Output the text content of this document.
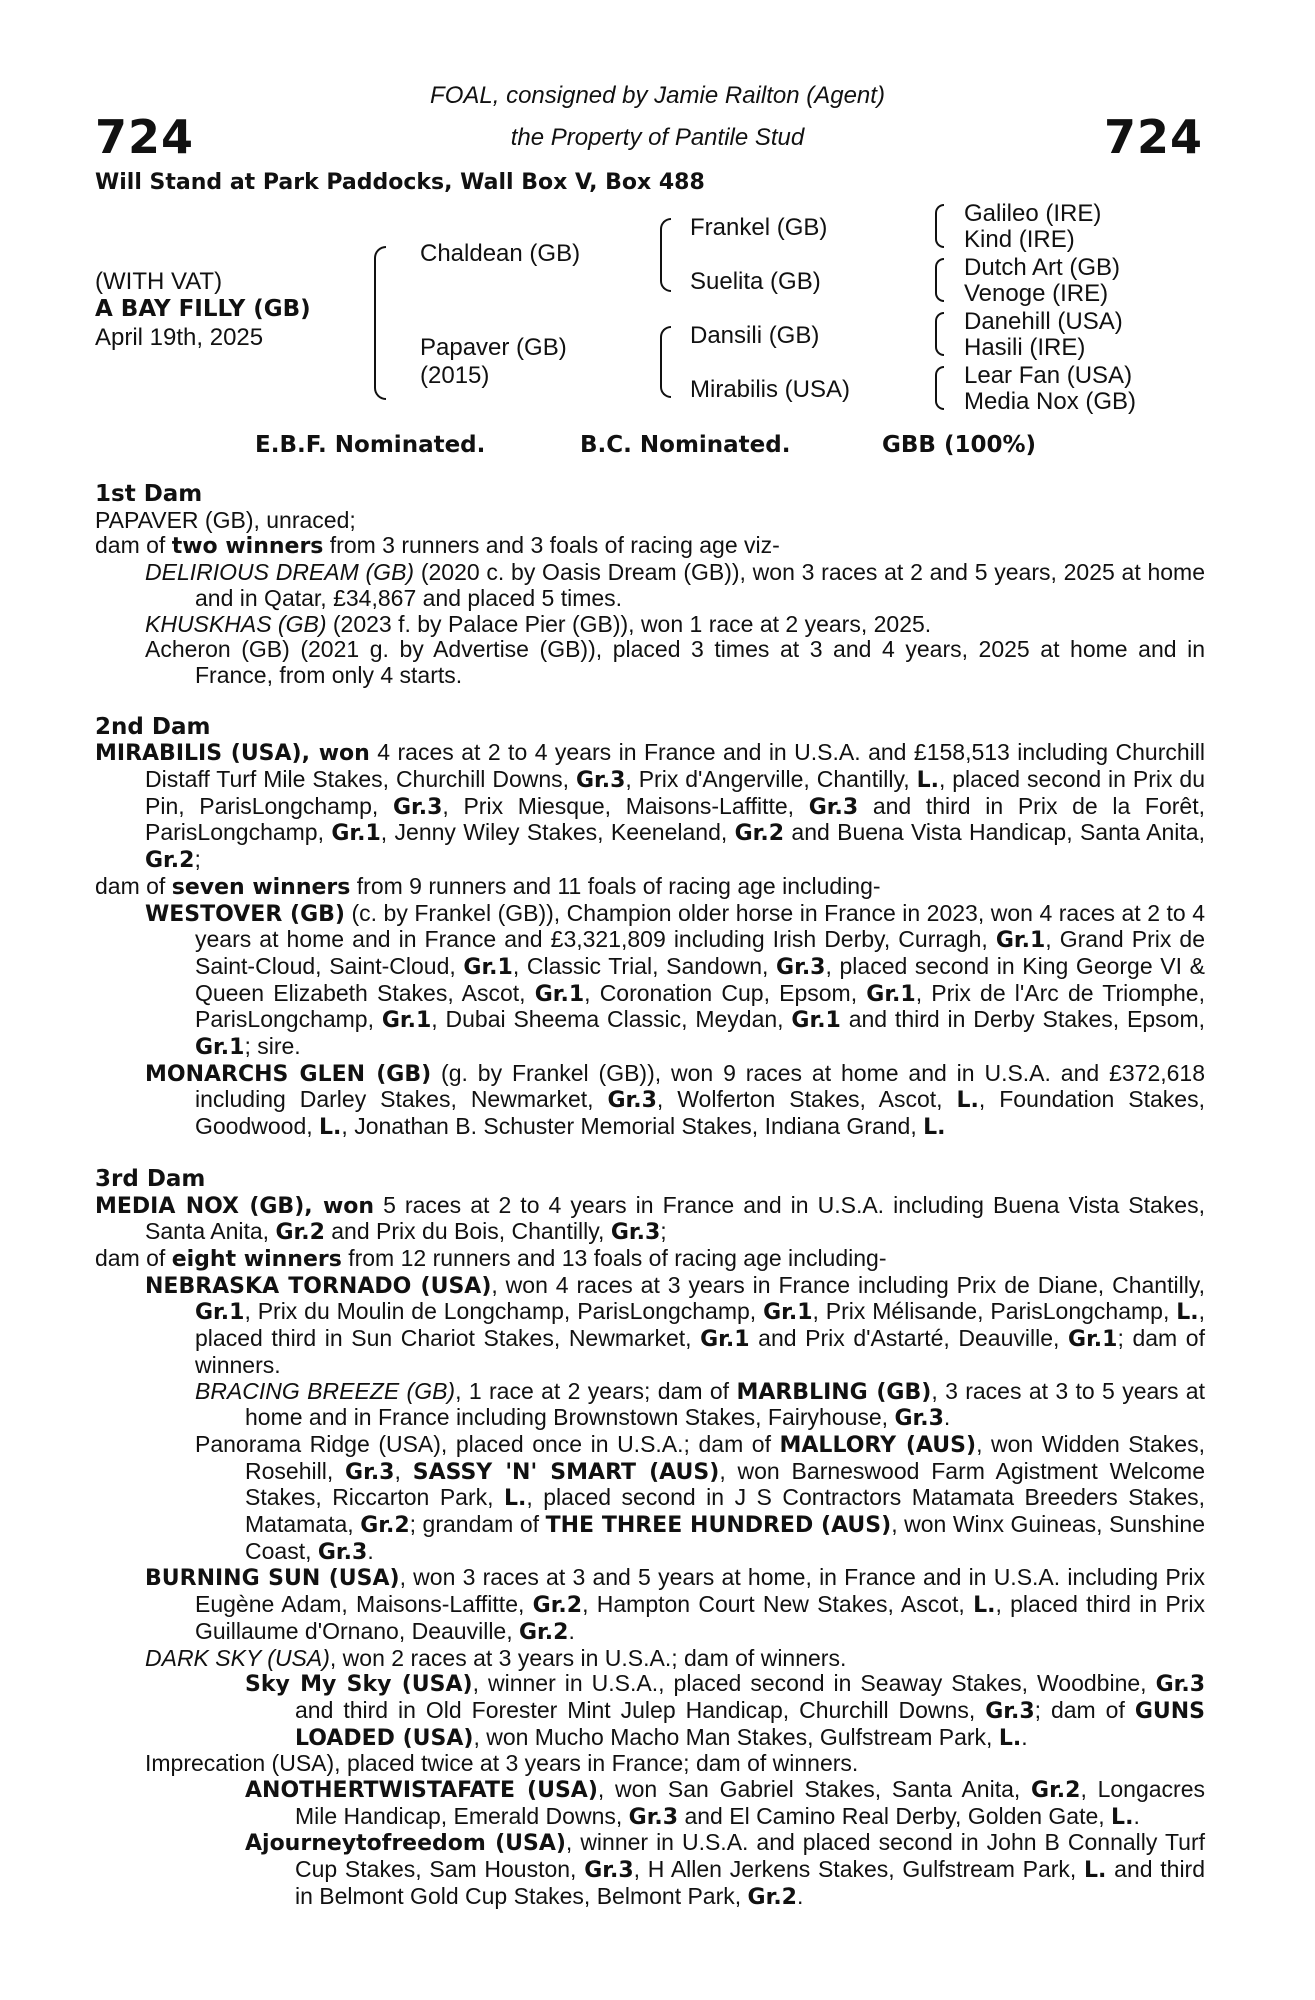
724	724
FOAL, consigned by Jamie Railton (Agent)
the Property of Pantile Stud
Will Stand at Park Paddocks, Wall Box V, Box 488
(WITH VAT)
A BAY FILLY (GB)
April 19th, 2025
Chaldean (GB)
Papaver (GB)
(2015)
Frankel (GB)
Suelita (GB)
Dansili (GB)
Mirabilis (USA)
Galileo (IRE)
Kind (IRE)
Dutch Art (GB)
Venoge (IRE)
Danehill (USA)
Hasili (IRE)
Lear Fan (USA)
Media Nox (GB)
E.B.F. Nominated.	B.C. Nominated.	GBB (100%)

1st Dam

PAPAVER (GB), unraced;

dam of two winners from 3 runners and 3 foals of racing age viz-

DELIRIOUS DREAM (GB) (2020 c. by Oasis Dream (GB)), won 3 races at 2 and 5 years, 2025 at home and in Qatar, £34,867 and placed 5 times.

KHUSKHAS (GB) (2023 f. by Palace Pier (GB)), won 1 race at 2 years, 2025.

Acheron (GB) (2021 g. by Advertise (GB)), placed 3 times at 3 and 4 years, 2025 at home and in France, from only 4 starts.

2nd Dam

MIRABILIS (USA), won 4 races at 2 to 4 years in France and in U.S.A. and £158,513 including Churchill Distaff Turf Mile Stakes, Churchill Downs, Gr.3, Prix d'Angerville, Chantilly, L., placed second in Prix du Pin, ParisLongchamp, Gr.3, Prix Miesque, Maisons-Laffitte, Gr.3 and third in Prix de la Forêt, ParisLongchamp, Gr.1, Jenny Wiley Stakes, Keeneland, Gr.2 and Buena Vista Handicap, Santa Anita, Gr.2;

dam of seven winners from 9 runners and 11 foals of racing age including-

WESTOVER (GB) (c. by Frankel (GB)), Champion older horse in France in 2023, won 4 races at 2 to 4 years at home and in France and £3,321,809 including Irish Derby, Curragh, Gr.1, Grand Prix de Saint-Cloud, Saint-Cloud, Gr.1, Classic Trial, Sandown, Gr.3, placed second in King George VI & Queen Elizabeth Stakes, Ascot, Gr.1, Coronation Cup, Epsom, Gr.1, Prix de l'Arc de Triomphe, ParisLongchamp, Gr.1, Dubai Sheema Classic, Meydan, Gr.1 and third in Derby Stakes, Epsom, Gr.1; sire.

MONARCHS GLEN (GB) (g. by Frankel (GB)), won 9 races at home and in U.S.A. and £372,618 including Darley Stakes, Newmarket, Gr.3, Wolferton Stakes, Ascot, L., Foundation Stakes, Goodwood, L., Jonathan B. Schuster Memorial Stakes, Indiana Grand, L.

3rd Dam

MEDIA NOX (GB), won 5 races at 2 to 4 years in France and in U.S.A. including Buena Vista Stakes, Santa Anita, Gr.2 and Prix du Bois, Chantilly, Gr.3;

dam of eight winners from 12 runners and 13 foals of racing age including-

NEBRASKA TORNADO (USA), won 4 races at 3 years in France including Prix de Diane, Chantilly, Gr.1, Prix du Moulin de Longchamp, ParisLongchamp, Gr.1, Prix Mélisande, ParisLongchamp, L., placed third in Sun Chariot Stakes, Newmarket, Gr.1 and Prix d'Astarté, Deauville, Gr.1; dam of winners.

BRACING BREEZE (GB), 1 race at 2 years; dam of MARBLING (GB), 3 races at 3 to 5 years at home and in France including Brownstown Stakes, Fairyhouse, Gr.3.

Panorama Ridge (USA), placed once in U.S.A.; dam of MALLORY (AUS), won Widden Stakes, Rosehill, Gr.3, SASSY 'N' SMART (AUS), won Barneswood Farm Agistment Welcome Stakes, Riccarton Park, L., placed second in J S Contractors Matamata Breeders Stakes, Matamata, Gr.2; grandam of THE THREE HUNDRED (AUS), won Winx Guineas, Sunshine Coast, Gr.3.

BURNING SUN (USA), won 3 races at 3 and 5 years at home, in France and in U.S.A. including Prix Eugène Adam, Maisons-Laffitte, Gr.2, Hampton Court New Stakes, Ascot, L., placed third in Prix Guillaume d'Ornano, Deauville, Gr.2.

DARK SKY (USA), won 2 races at 3 years in U.S.A.; dam of winners.

Sky My Sky (USA), winner in U.S.A., placed second in Seaway Stakes, Woodbine, Gr.3 and third in Old Forester Mint Julep Handicap, Churchill Downs, Gr.3; dam of GUNS LOADED (USA), won Mucho Macho Man Stakes, Gulfstream Park, L..

Imprecation (USA), placed twice at 3 years in France; dam of winners.

ANOTHERTWISTAFATE (USA), won San Gabriel Stakes, Santa Anita, Gr.2, Longacres Mile Handicap, Emerald Downs, Gr.3 and El Camino Real Derby, Golden Gate, L..

Ajourneytofreedom (USA), winner in U.S.A. and placed second in John B Connally Turf Cup Stakes, Sam Houston, Gr.3, H Allen Jerkens Stakes, Gulfstream Park, L. and third in Belmont Gold Cup Stakes, Belmont Park, Gr.2.
